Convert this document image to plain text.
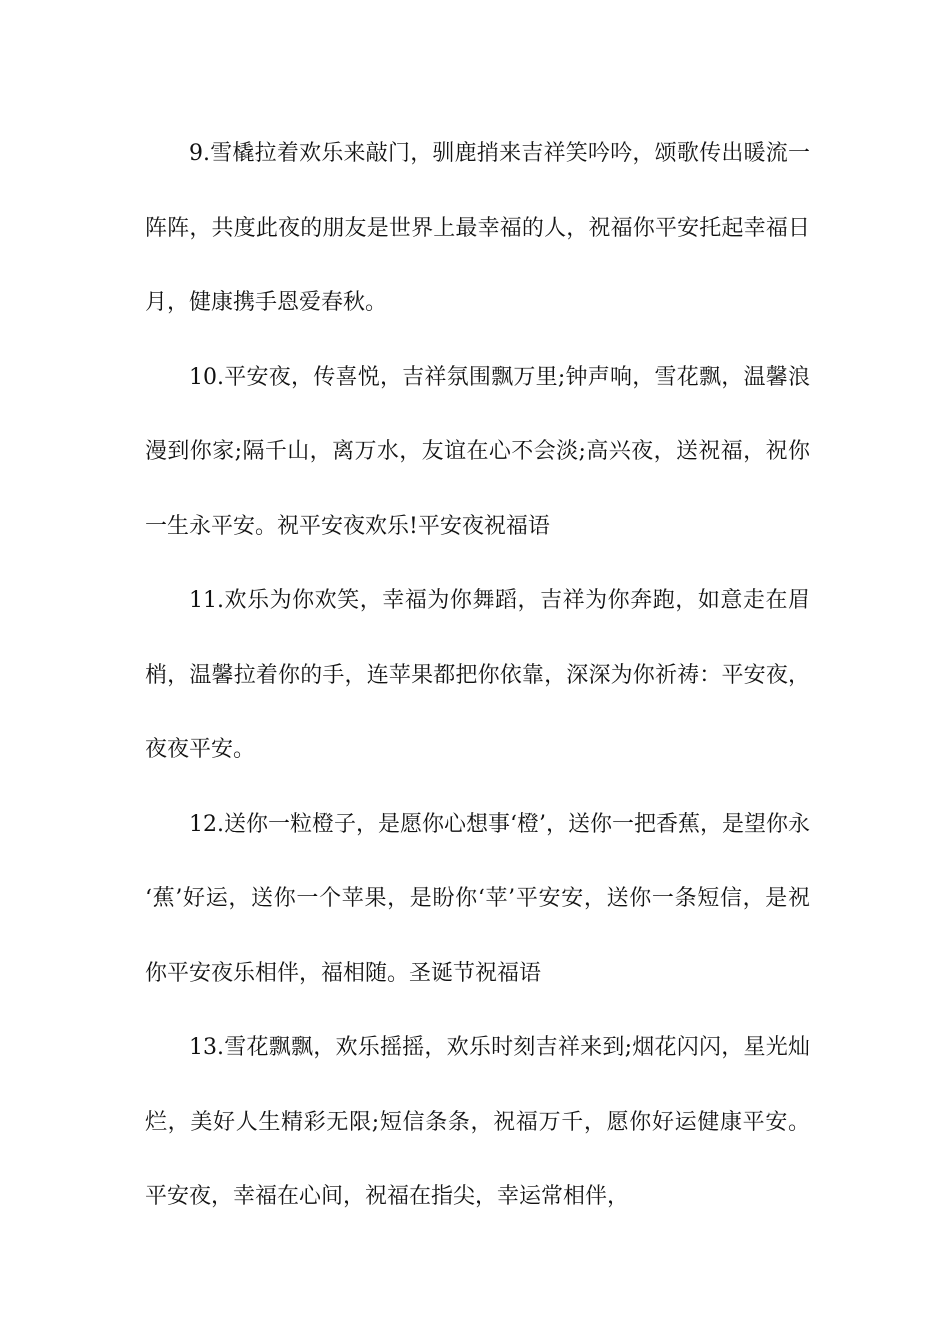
9.雪橇拉着欢乐来敲门，驯鹿捎来吉祥笑吟吟，颂歌传出暖流一阵阵，共度此夜的朋友是世界上最幸福的人，祝福你平安托起幸福日月，健康携手恩爱春秋。

10.平安夜，传喜悦，吉祥氛围飘万里;钟声响，雪花飘，温馨浪漫到你家;隔千山，离万水，友谊在心不会淡;高兴夜，送祝福，祝你一生永平安。祝平安夜欢乐!平安夜祝福语

11.欢乐为你欢笑，幸福为你舞蹈，吉祥为你奔跑，如意走在眉梢，温馨拉着你的手，连苹果都把你依靠，深深为你祈祷：平安夜，夜夜平安。

12.送你一粒橙子，是愿你心想事‘橙’，送你一把香蕉，是望你永‘蕉’好运，送你一个苹果，是盼你‘苹’平安安，送你一条短信，是祝你平安夜乐相伴，福相随。圣诞节祝福语

13.雪花飘飘，欢乐摇摇，欢乐时刻吉祥来到;烟花闪闪，星光灿烂，美好人生精彩无限;短信条条，祝福万千，愿你好运健康平安。平安夜，幸福在心间，祝福在指尖，幸运常相伴，
